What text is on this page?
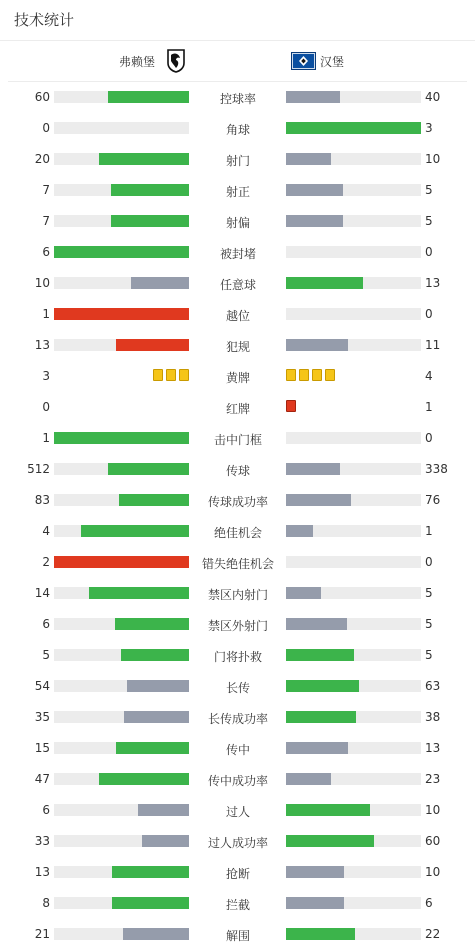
技术统计
弗赖堡	汉堡
60	控球率	40
0	角球	3
20	射门	10
7	射正	5
7	射偏	5
6	被封堵	0
10	任意球	13
1	越位	0
13	犯规	11
3	黄牌	4
0	红牌	1
1	击中门框	0
512	传球	338
83	传球成功率	76
4	绝佳机会	1
2	错失绝佳机会	0
14	禁区内射门	5
6	禁区外射门	5
5	门将扑救	5
54	长传	63
35	长传成功率	38
15	传中	13
47	传中成功率	23
6	过人	10
33	过人成功率	60
13	抢断	10
8	拦截	6
21	解围	22
